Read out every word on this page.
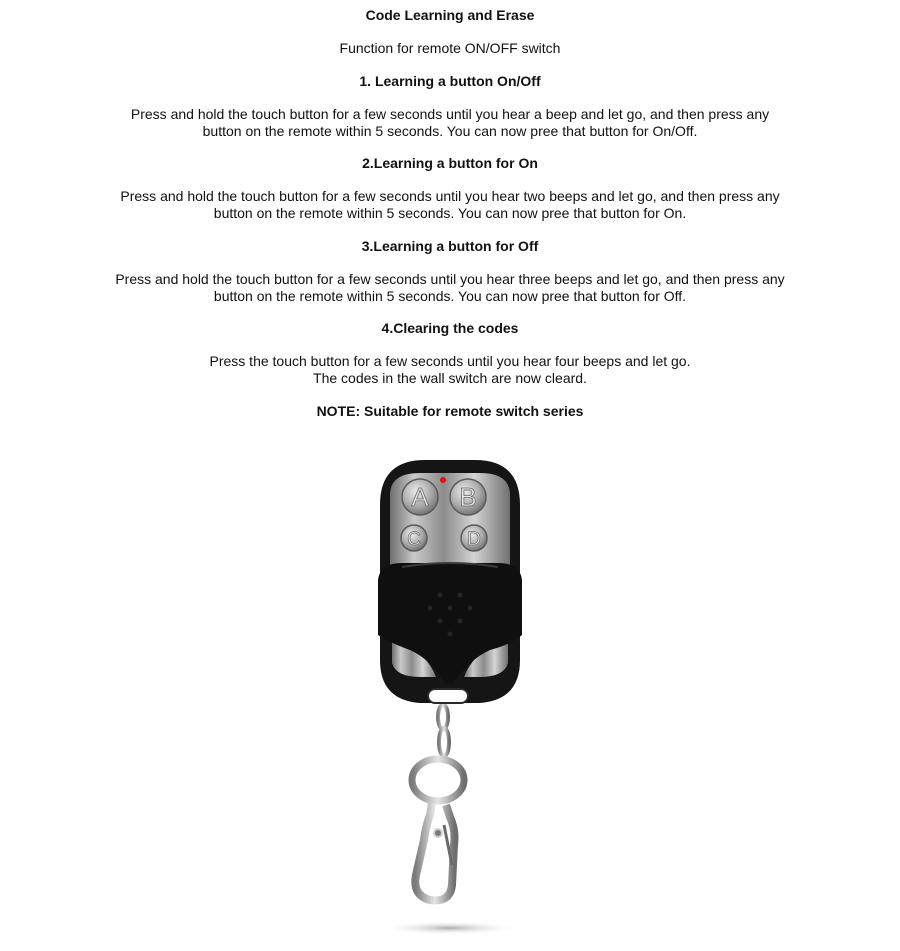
Code Learning and Erase
Function for remote ON/OFF switch
1. Learning a button On/Off
Press and hold the touch button for a few seconds until you hear a beep and let go, and then press any
button on the remote within 5 seconds. You can now pree that button for On/Off.
2.Learning a button for On
Press and hold the touch button for a few seconds until you hear two beeps and let go, and then press any
button on the remote within 5 seconds. You can now pree that button for On.
3.Learning a button for Off
Press and hold the touch button for a few seconds until you hear three beeps and let go, and then press any
button on the remote within 5 seconds. You can now pree that button for Off.
4.Clearing the codes
Press the touch button for a few seconds until you hear four beeps and let go.
The codes in the wall switch are now cleard.
NOTE: Suitable for remote switch series
A B
C D
